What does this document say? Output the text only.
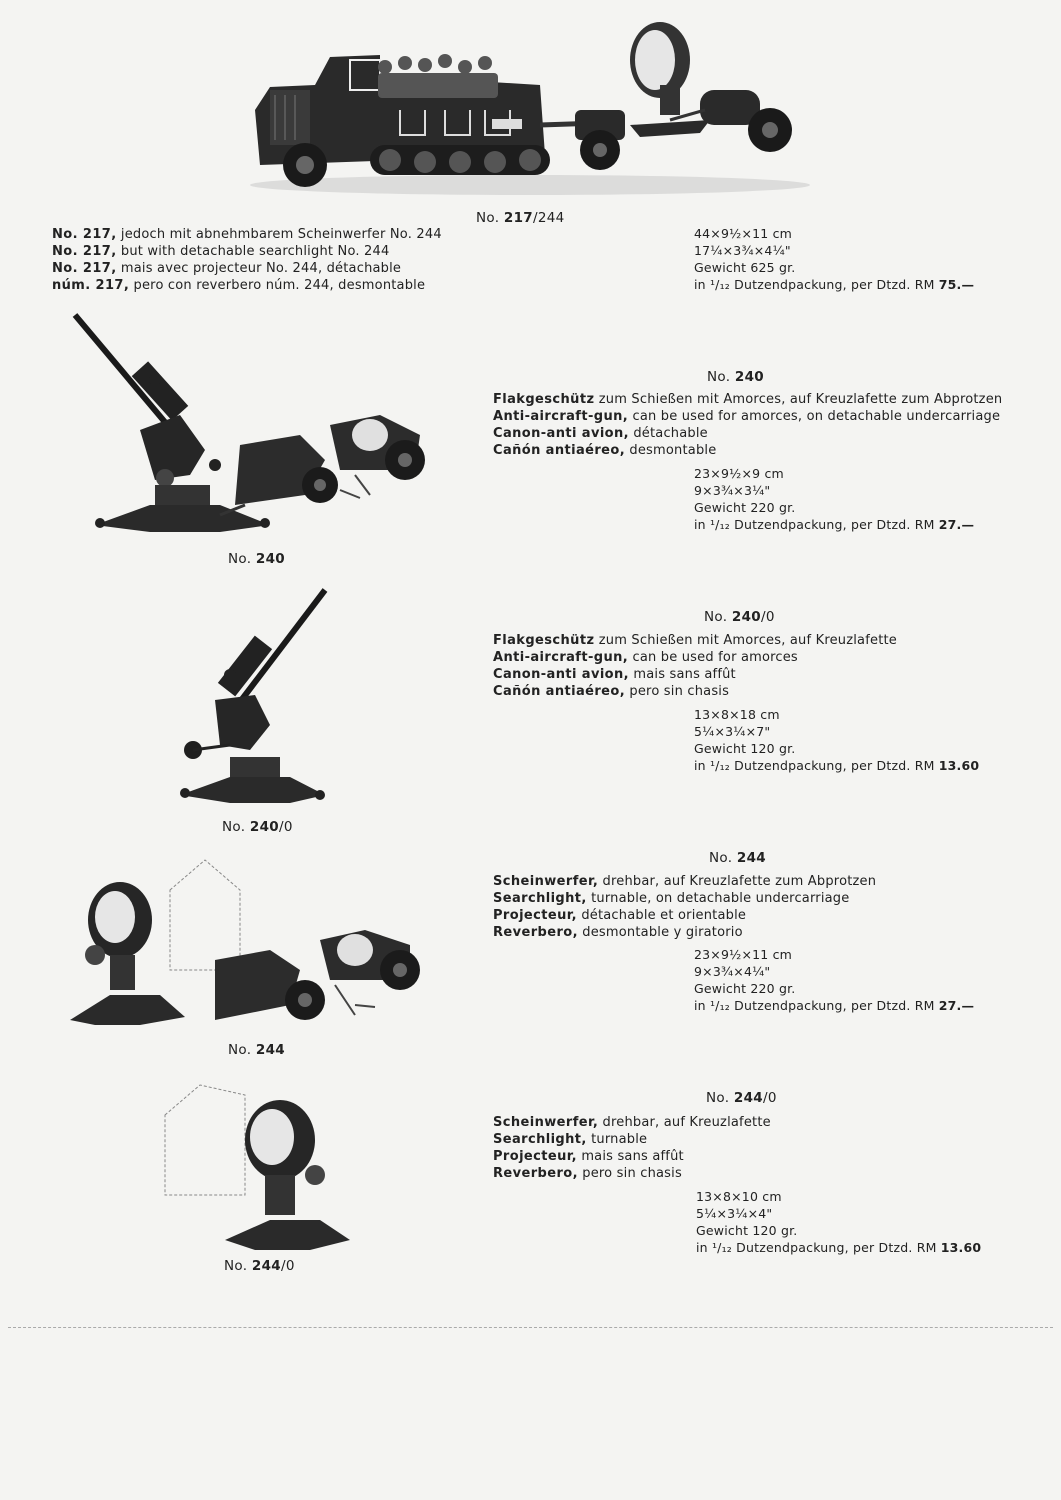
No. 217/244
No. 217, jedoch mit abnehmbarem Scheinwerfer No. 244
No. 217, but with detachable searchlight No. 244
No. 217, mais avec projecteur No. 244, détachable
núm. 217, pero con reverbero núm. 244, desmontable
44×9½×11 cm
17¼×3¾×4¼"
Gewicht 625 gr.
in ¹/₁₂ Dutzendpackung, per Dtzd. RM 75.—
No. 240
Flakgeschütz zum Schießen mit Amorces, auf Kreuzlafette zum Abprotzen
Anti-aircraft-gun, can be used for amorces, on detachable undercarriage
Canon-anti avion, détachable
Cañón antiaéreo, desmontable
23×9½×9 cm
9×3¾×3¼"
Gewicht 220 gr.
in ¹/₁₂ Dutzendpackung, per Dtzd. RM 27.—
No. 240
No. 240/0
Flakgeschütz zum Schießen mit Amorces, auf Kreuzlafette
Anti-aircraft-gun, can be used for amorces
Canon-anti avion, mais sans affût
Cañón antiaéreo, pero sin chasis
13×8×18 cm
5¼×3¼×7"
Gewicht 120 gr.
in ¹/₁₂ Dutzendpackung, per Dtzd. RM 13.60
No. 240/0
No. 244
Scheinwerfer, drehbar, auf Kreuzlafette zum Abprotzen
Searchlight, turnable, on detachable undercarriage
Projecteur, détachable et orientable
Reverbero, desmontable y giratorio
23×9½×11 cm
9×3¾×4¼"
Gewicht 220 gr.
in ¹/₁₂ Dutzendpackung, per Dtzd. RM 27.—
No. 244
No. 244/0
Scheinwerfer, drehbar, auf Kreuzlafette
Searchlight, turnable
Projecteur, mais sans affût
Reverbero, pero sin chasis
13×8×10 cm
5¼×3¼×4"
Gewicht 120 gr.
in ¹/₁₂ Dutzendpackung, per Dtzd. RM 13.60
No. 244/0
